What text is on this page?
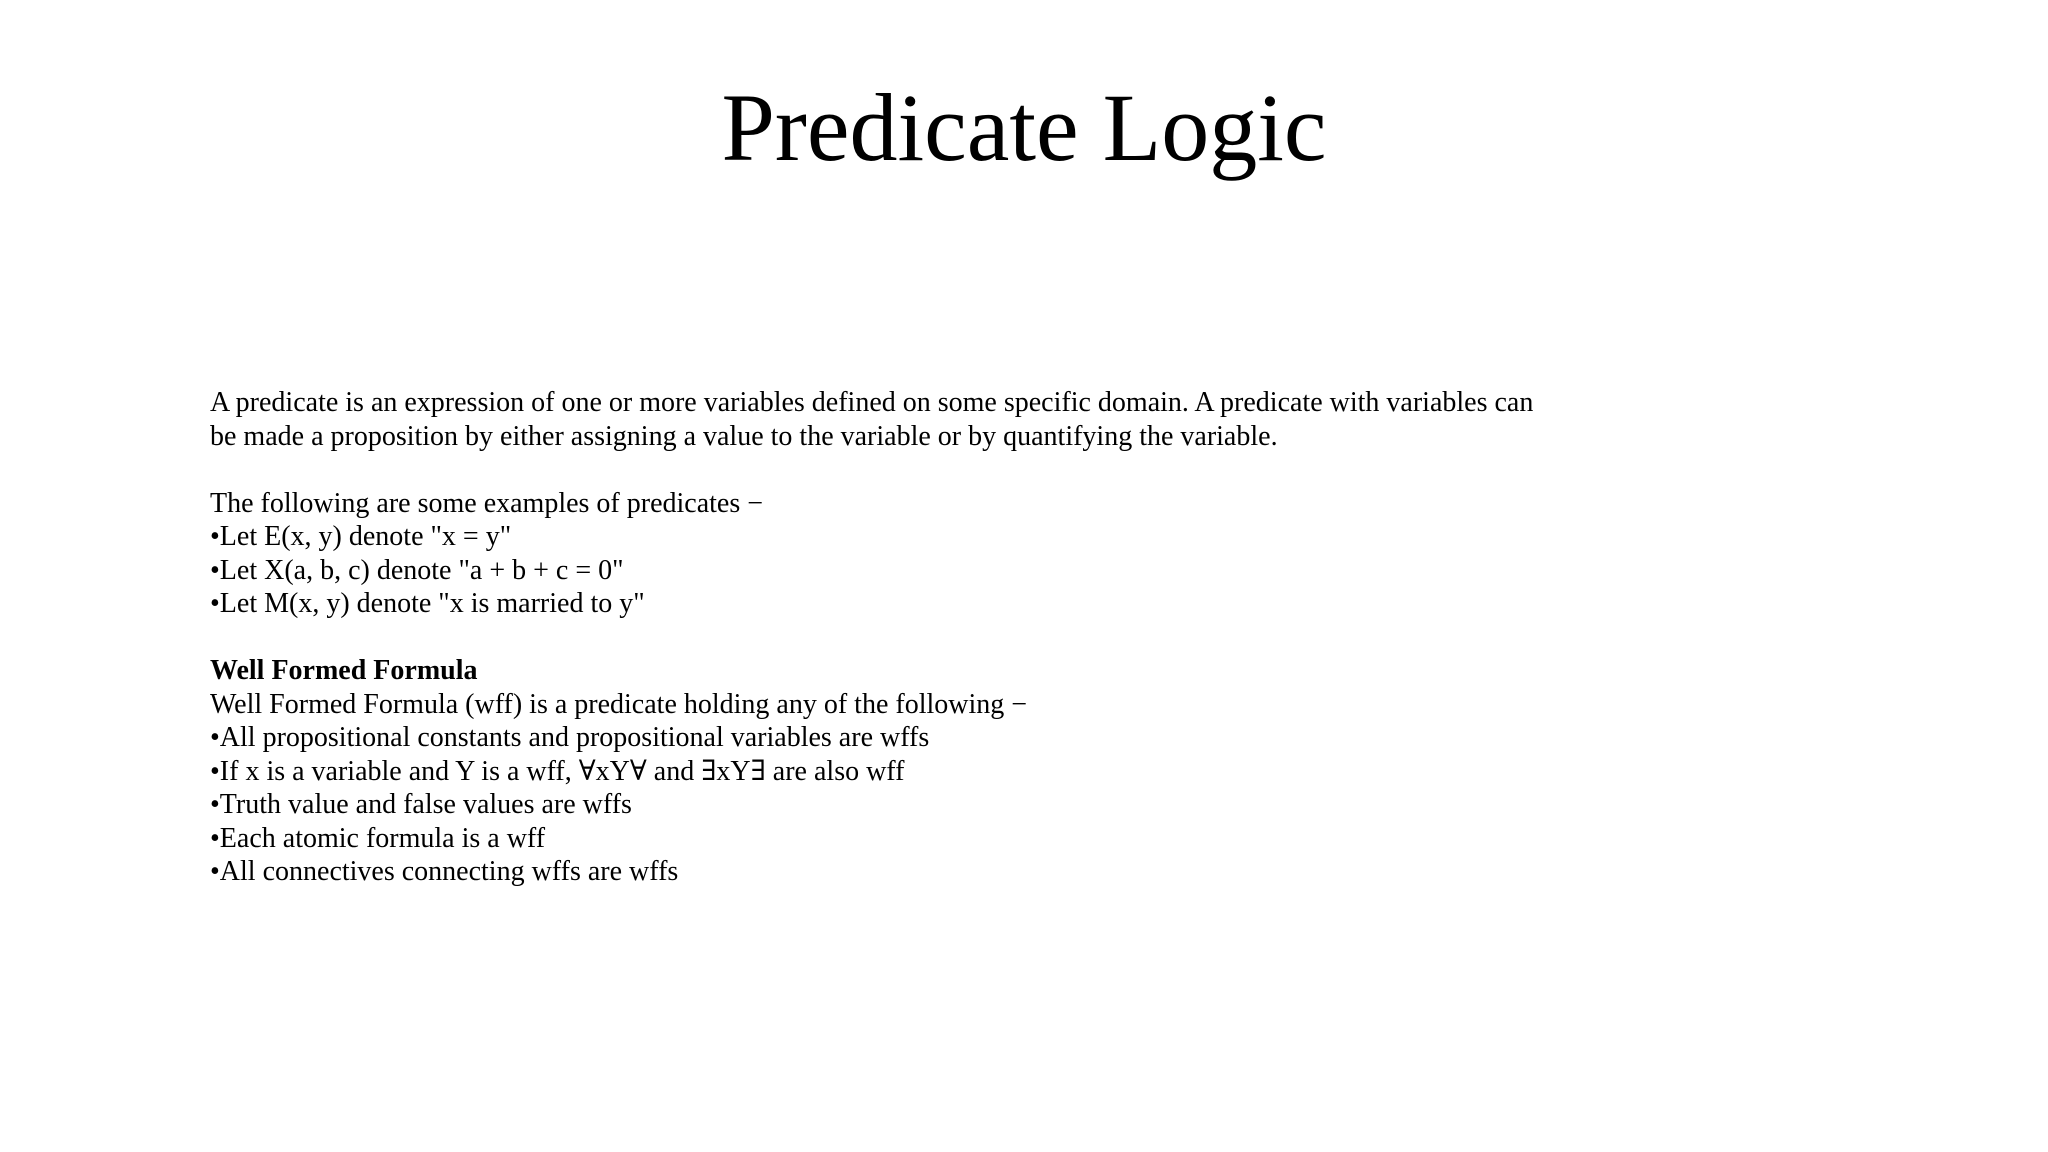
Predicate Logic
A predicate is an expression of one or more variables defined on some specific domain. A predicate with variables can
be made a proposition by either assigning a value to the variable or by quantifying the variable.
The following are some examples of predicates −
•Let E(x, y) denote "x = y"
•Let X(a, b, c) denote "a + b + c = 0"
•Let M(x, y) denote "x is married to y"
Well Formed Formula
Well Formed Formula (wff) is a predicate holding any of the following −
•All propositional constants and propositional variables are wffs
•If x is a variable and Y is a wff, ∀xY∀ and ∃xY∃ are also wff
•Truth value and false values are wffs
•Each atomic formula is a wff
•All connectives connecting wffs are wffs
